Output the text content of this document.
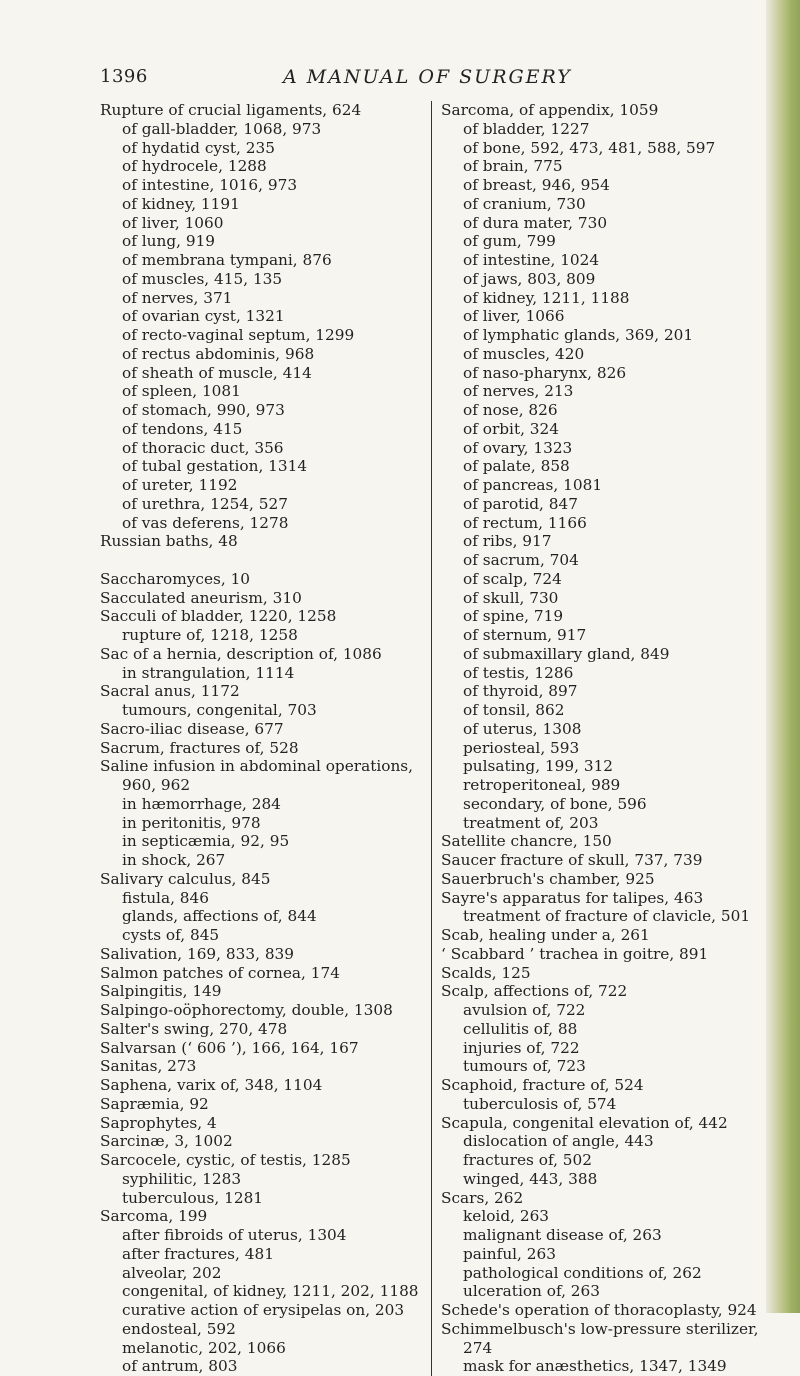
1396	A MANUAL OF SURGERY
Rupture of crucial ligaments, 624
of gall-bladder, 1068, 973
of hydatid cyst, 235
of hydrocele, 1288
of intestine, 1016, 973
of kidney, 1191
of liver, 1060
of lung, 919
of membrana tympani, 876
of muscles, 415, 135
of nerves, 371
of ovarian cyst, 1321
of recto-vaginal septum, 1299
of rectus abdominis, 968
of sheath of muscle, 414
of spleen, 1081
of stomach, 990, 973
of tendons, 415
of thoracic duct, 356
of tubal gestation, 1314
of ureter, 1192
of urethra, 1254, 527
of vas deferens, 1278
Russian baths, 48
Saccharomyces, 10
Sacculated aneurism, 310
Sacculi of bladder, 1220, 1258
rupture of, 1218, 1258
Sac of a hernia, description of, 1086
in strangulation, 1114
Sacral anus, 1172
tumours, congenital, 703
Sacro-iliac disease, 677
Sacrum, fractures of, 528
Saline infusion in abdominal operations,
960, 962
in hæmorrhage, 284
in peritonitis, 978
in septicæmia, 92, 95
in shock, 267
Salivary calculus, 845
fistula, 846
glands, affections of, 844
cysts of, 845
Salivation, 169, 833, 839
Salmon patches of cornea, 174
Salpingitis, 149
Salpingo-oöphorectomy, double, 1308
Salter's swing, 270, 478
Salvarsan (‘ 606 ’), 166, 164, 167
Sanitas, 273
Saphena, varix of, 348, 1104
Sapræmia, 92
Saprophytes, 4
Sarcinæ, 3, 1002
Sarcocele, cystic, of testis, 1285
syphilitic, 1283
tuberculous, 1281
Sarcoma, 199
after fibroids of uterus, 1304
after fractures, 481
alveolar, 202
congenital, of kidney, 1211, 202, 1188
curative action of erysipelas on, 203
endosteal, 592
melanotic, 202, 1066
of antrum, 803
Sarcoma, of appendix, 1059
of bladder, 1227
of bone, 592, 473, 481, 588, 597
of brain, 775
of breast, 946, 954
of cranium, 730
of dura mater, 730
of gum, 799
of intestine, 1024
of jaws, 803, 809
of kidney, 1211, 1188
of liver, 1066
of lymphatic glands, 369, 201
of muscles, 420
of naso-pharynx, 826
of nerves, 213
of nose, 826
of orbit, 324
of ovary, 1323
of palate, 858
of pancreas, 1081
of parotid, 847
of rectum, 1166
of ribs, 917
of sacrum, 704
of scalp, 724
of skull, 730
of spine, 719
of sternum, 917
of submaxillary gland, 849
of testis, 1286
of thyroid, 897
of tonsil, 862
of uterus, 1308
periosteal, 593
pulsating, 199, 312
retroperitoneal, 989
secondary, of bone, 596
treatment of, 203
Satellite chancre, 150
Saucer fracture of skull, 737, 739
Sauerbruch's chamber, 925
Sayre's apparatus for talipes, 463
treatment of fracture of clavicle, 501
Scab, healing under a, 261
‘ Scabbard ’ trachea in goitre, 891
Scalds, 125
Scalp, affections of, 722
avulsion of, 722
cellulitis of, 88
injuries of, 722
tumours of, 723
Scaphoid, fracture of, 524
tuberculosis of, 574
Scapula, congenital elevation of, 442
dislocation of angle, 443
fractures of, 502
winged, 443, 388
Scars, 262
keloid, 263
malignant disease of, 263
painful, 263
pathological conditions of, 262
ulceration of, 263
Schede's operation of thoracoplasty, 924
Schimmelbusch's low-pressure sterilizer,
274
mask for anæsthetics, 1347, 1349
